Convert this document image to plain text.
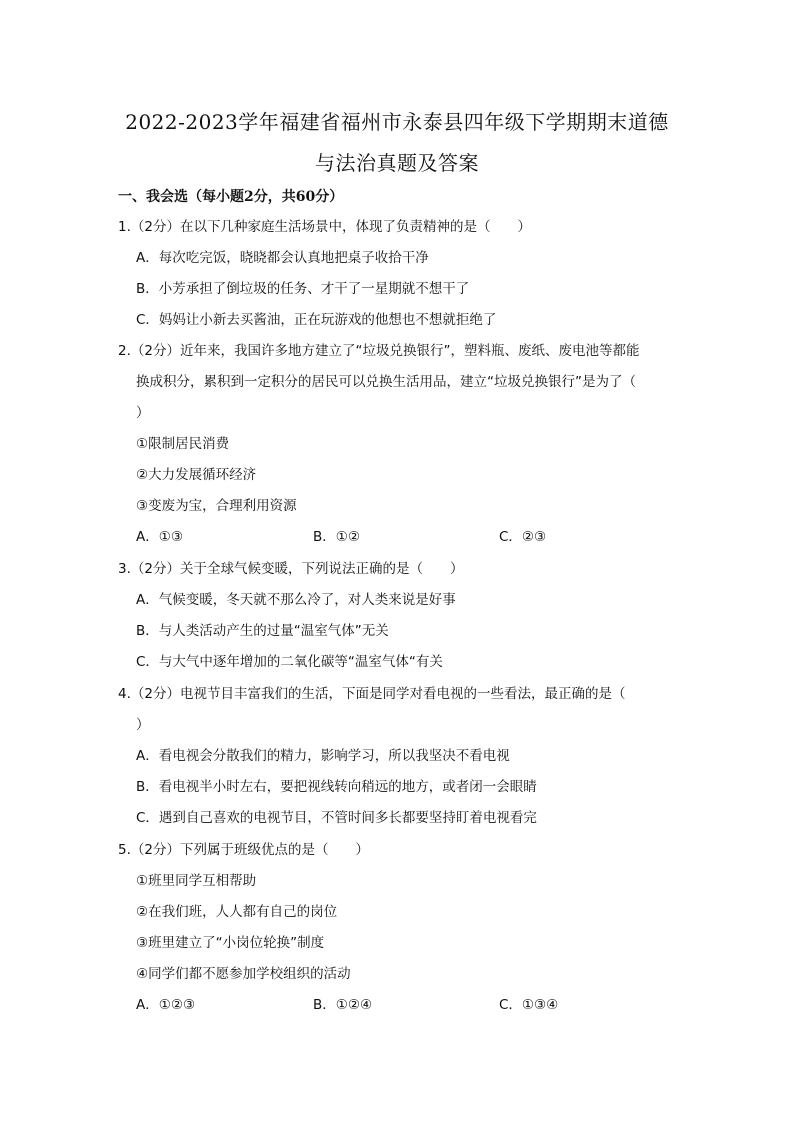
2022-2023学年福建省福州市永泰县四年级下学期期末道德
与法治真题及答案
一、我会选（每小题2分，共60分）
1.（2分）在以下几种家庭生活场景中，体现了负责精神的是（　　）
A．每次吃完饭，晓晓都会认真地把桌子收拾干净
B．小芳承担了倒垃圾的任务、才干了一星期就不想干了
C．妈妈让小新去买酱油，正在玩游戏的他想也不想就拒绝了
2.（2分）近年来，我国许多地方建立了“垃圾兑换银行”，塑料瓶、废纸、废电池等都能
换成积分，累积到一定积分的居民可以兑换生活用品，建立“垃圾兑换银行”是为了（
）
①限制居民消费
②大力发展循环经济
③变废为宝，合理利用资源
A．①③	B．①②	C．②③
3.（2分）关于全球气候变暖，下列说法正确的是（　　）
A．气候变暖，冬天就不那么冷了，对人类来说是好事
B．与人类活动产生的过量“温室气体”无关
C．与大气中逐年增加的二氧化碳等“温室气体“有关
4.（2分）电视节目丰富我们的生活，下面是同学对看电视的一些看法，最正确的是（
）
A．看电视会分散我们的精力，影响学习，所以我坚决不看电视
B．看电视半小时左右，要把视线转向稍远的地方，或者闭一会眼睛
C．遇到自己喜欢的电视节目，不管时间多长都要坚持盯着电视看完
5.（2分）下列属于班级优点的是（　　）
①班里同学互相帮助
②在我们班，人人都有自己的岗位
③班里建立了“小岗位轮换”制度
④同学们都不愿参加学校组织的活动
A．①②③	B．①②④	C．①③④
